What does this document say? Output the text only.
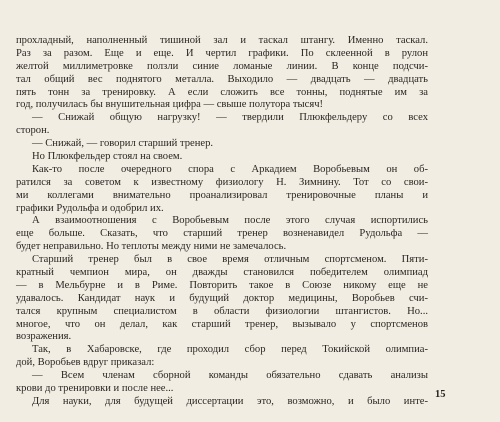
прохладный, наполненный тишиной зал и таскал штангу. Именно таскал.
Раз за разом. Еще и еще. И чертил графики. По склеенной в рулон
желтой миллиметровке ползли синие ломаные линии. В конце подсчи-
тал общий вес поднятого металла. Выходило — двадцать — двадцать
пять тонн за тренировку. А если сложить все тонны, поднятые им за
год, получилась бы внушительная цифра — свыше полутора тысяч!
— Снижай общую нагрузку! — твердили Плюкфельдеру со всех
сторон.
— Снижай, — говорил старший тренер.
Но Плюкфельдер стоял на своем.
Как-то после очередного спора с Аркадием Воробьевым он об-
ратился за советом к известному физиологу Н. Зимнину. Тот со свои-
ми коллегами внимательно проанализировал тренировочные планы и
графики Рудольфа и одобрил их.
А взаимоотношения с Воробьевым после этого случая испортились
еще больше. Сказать, что старший тренер возненавидел Рудольфа —
будет неправильно. Но теплоты между ними не замечалось.
Старший тренер был в свое время отличным спортсменом. Пяти-
кратный чемпион мира, он дважды становился победителем олимпиад
— в Мельбурне и в Риме. Повторить такое в Союзе никому еще не
удавалось. Кандидат наук и будущий доктор медицины, Воробьев счи-
тался крупным специалистом в области физиологии штангистов. Но...
многое, что он делал, как старший тренер, вызывало у спортсменов
возражения.
Так, в Хабаровске, где проходил сбор перед Токийской олимпиа-
дой, Воробьев вдруг приказал:
— Всем членам сборной команды обязательно сдавать анализы
крови до тренировки и после нее...
Для науки, для будущей диссертации это, возможно, и было инте-
15
